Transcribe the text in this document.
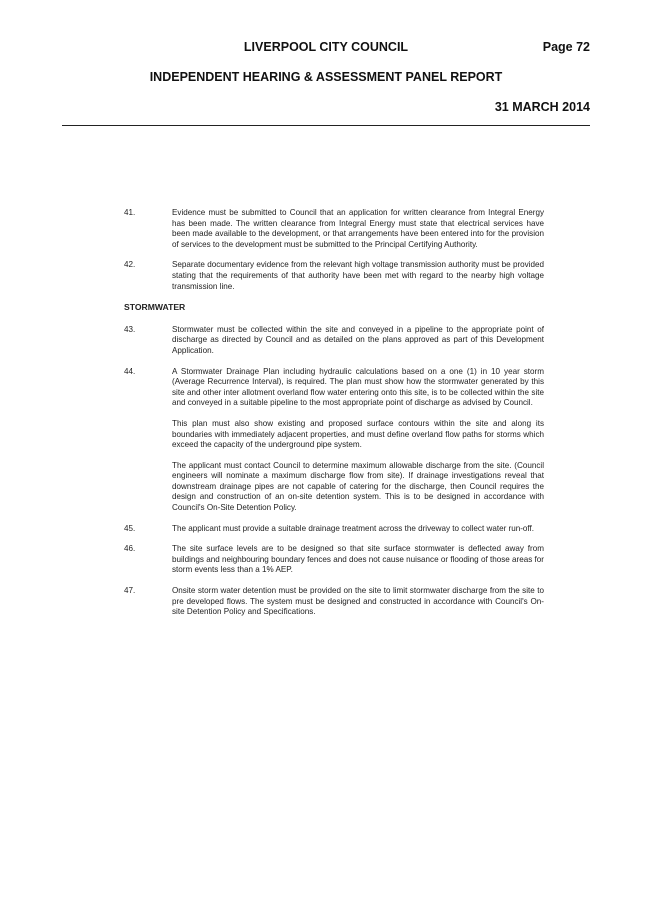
LIVERPOOL CITY COUNCIL	Page 72
INDEPENDENT HEARING & ASSESSMENT PANEL REPORT
31 MARCH 2014
41.	Evidence must be submitted to Council that an application for written clearance from Integral Energy has been made. The written clearance from Integral Energy must state that electrical services have been made available to the development, or that arrangements have been entered into for the provision of services to the development must be submitted to the Principal Certifying Authority.
42.	Separate documentary evidence from the relevant high voltage transmission authority must be provided stating that the requirements of that authority have been met with regard to the nearby high voltage transmission line.
STORMWATER
43.	Stormwater must be collected within the site and conveyed in a pipeline to the appropriate point of discharge as directed by Council and as detailed on the plans approved as part of this Development Application.
44.	A Stormwater Drainage Plan including hydraulic calculations based on a one (1) in 10 year storm (Average Recurrence Interval), is required. The plan must show how the stormwater generated by this site and other inter allotment overland flow water entering onto this site, is to be collected within the site and conveyed in a suitable pipeline to the most appropriate point of discharge as advised by Council.
This plan must also show existing and proposed surface contours within the site and along its boundaries with immediately adjacent properties, and must define overland flow paths for storms which exceed the capacity of the underground pipe system.
The applicant must contact Council to determine maximum allowable discharge from the site. (Council engineers will nominate a maximum discharge flow from site). If drainage investigations reveal that downstream drainage pipes are not capable of catering for the discharge, then Council requires the design and construction of an on-site detention system. This is to be designed in accordance with Council's On-Site Detention Policy.
45.	The applicant must provide a suitable drainage treatment across the driveway to collect water run-off.
46.	The site surface levels are to be designed so that site surface stormwater is deflected away from buildings and neighbouring boundary fences and does not cause nuisance or flooding of those areas for storm events less than a 1% AEP.
47.	Onsite storm water detention must be provided on the site to limit stormwater discharge from the site to pre developed flows. The system must be designed and constructed in accordance with Council's On-site Detention Policy and Specifications.
